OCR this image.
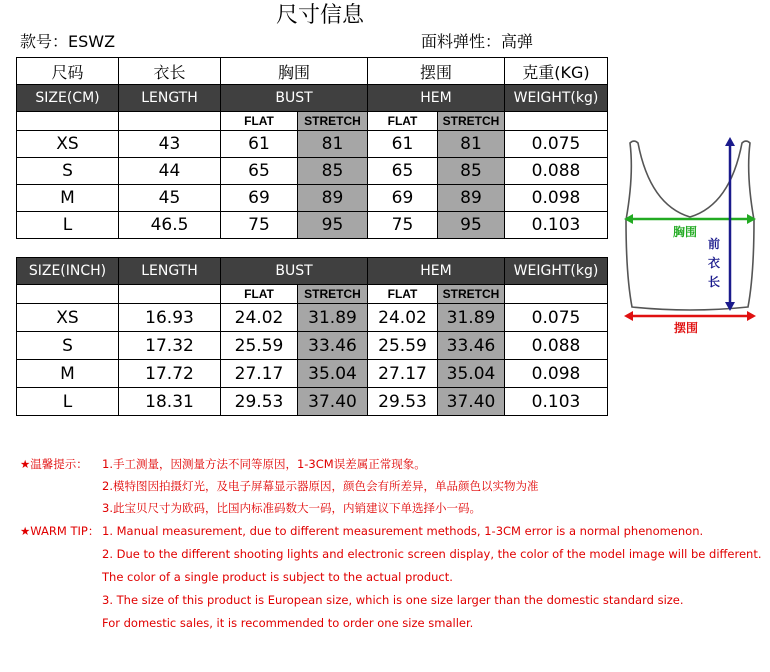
尺寸信息
款号：ESWZ	面料弹性：高弹
尺码	衣长	胸围		摆围		克重(KG)
SIZE(CM)	LENGTH	BUST		HEM		WEIGHT(kg)
		FLAT	STRETCH	FLAT	STRETCH	
XS	43	61	81	61	81	0.075
S	44	65	85	65	85	0.088
M	45	69	89	69	89	0.098
L	46.5	75	95	75	95	0.103
SIZE(INCH)	LENGTH	BUST		HEM		WEIGHT(kg)
		FLAT	STRETCH	FLAT	STRETCH	
XS	16.93	24.02	31.89	24.02	31.89	0.075
S	17.32	25.59	33.46	25.59	33.46	0.088
M	17.72	27.17	35.04	27.17	35.04	0.098
L	18.31	29.53	37.40	29.53	37.40	0.103
胸围
前
衣
长
摆围
★温馨提示： 1.手工测量，因测量方法不同等原因，1-3CM误差属正常现象。
2.模特图因拍摄灯光，及电子屏幕显示器原因，颜色会有所差异，单品颜色以实物为准
3.此宝贝尺寸为欧码，比国内标准码数大一码，内销建议下单选择小一码。
★WARM TIP： 1. Manual measurement, due to different measurement methods, 1-3CM error is a normal phenomenon.
2. Due to the different shooting lights and electronic screen display, the color of the model image will be different.
The color of a single product is subject to the actual product.
3. The size of this product is European size, which is one size larger than the domestic standard size.
For domestic sales, it is recommended to order one size smaller.
